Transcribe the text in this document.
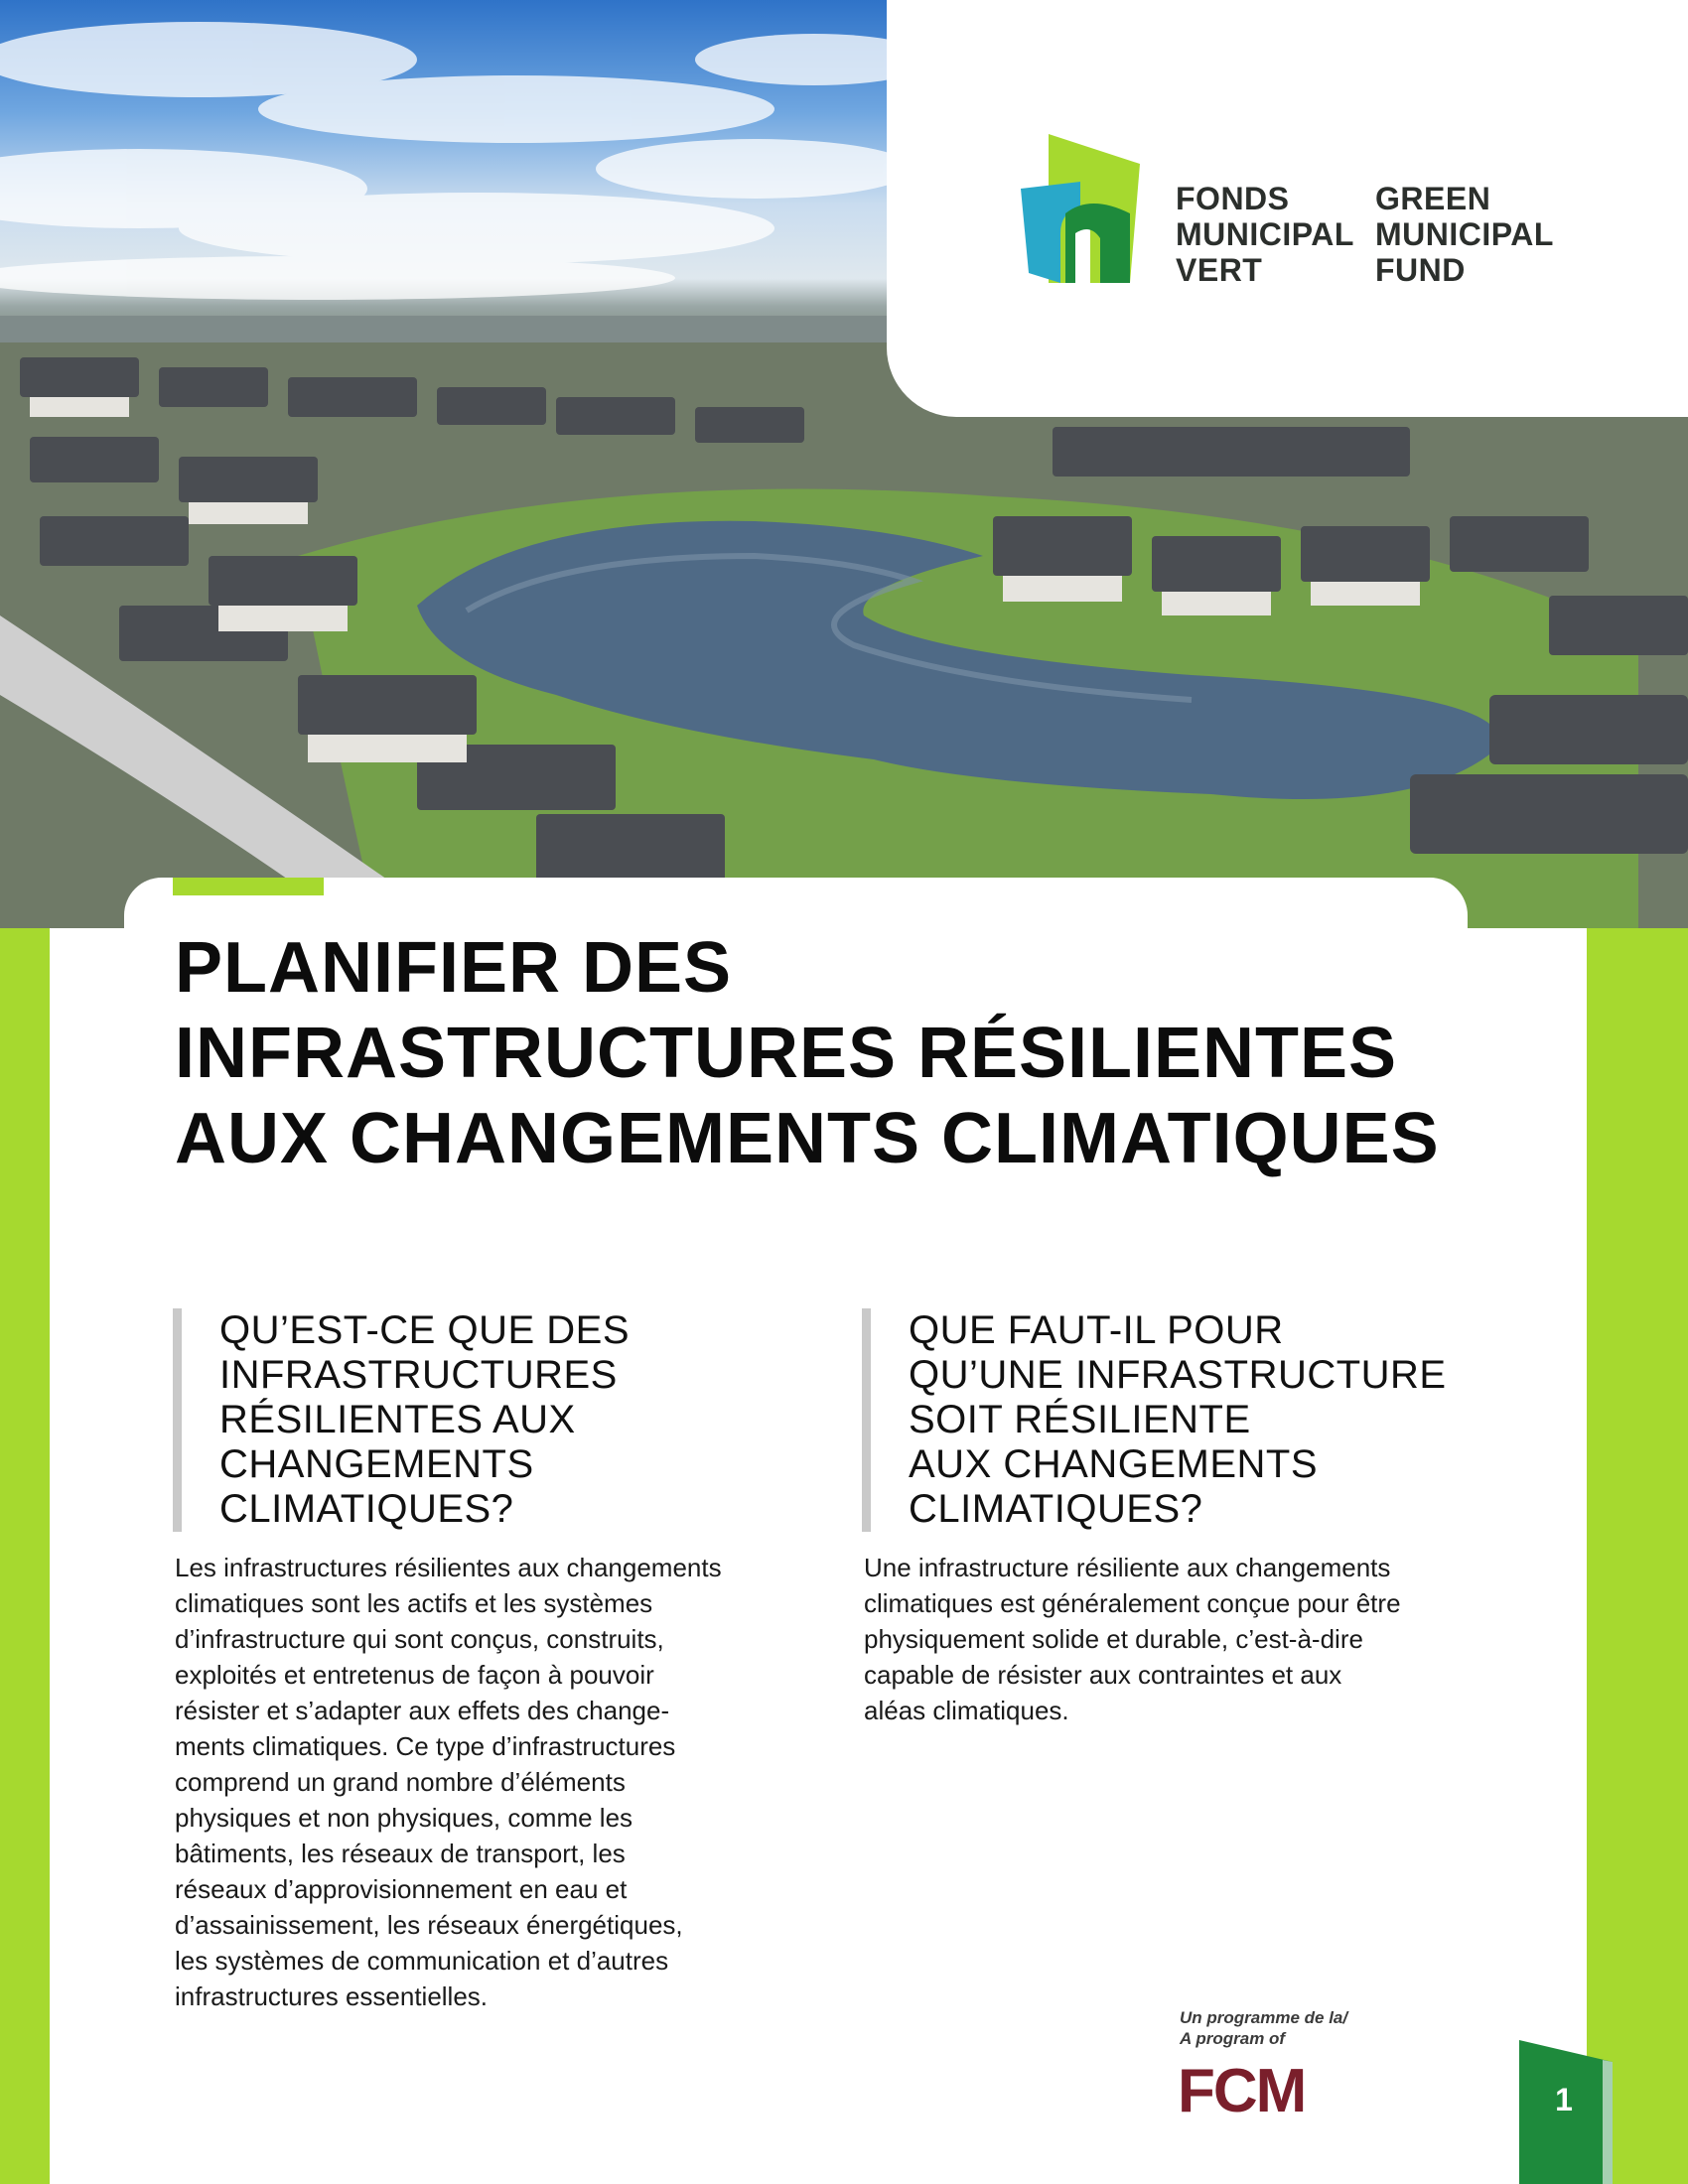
FONDS
MUNICIPAL
VERT
GREEN
MUNICIPAL
FUND
PLANIFIER DES INFRASTRUCTURES RÉSILIENTES AUX CHANGEMENTS CLIMATIQUES
QU’EST-CE QUE DES
INFRASTRUCTURES
RÉSILIENTES AUX
CHANGEMENTS
CLIMATIQUES?
QUE FAUT-IL POUR
QU’UNE INFRASTRUCTURE
SOIT RÉSILIENTE
AUX CHANGEMENTS
CLIMATIQUES?

Les infrastructures résilientes aux changements
climatiques sont les actifs et les systèmes
d’infrastructure qui sont conçus, construits,
exploités et entretenus de façon à pouvoir
résister et s’adapter aux effets des change-
ments climatiques. Ce type d’infrastructures
comprend un grand nombre d’éléments
physiques et non physiques, comme les
bâtiments, les réseaux de transport, les
réseaux d’approvisionnement en eau et
d’assainissement, les réseaux énergétiques,
les systèmes de communication et d’autres
infrastructures essentielles.

Une infrastructure résiliente aux changements
climatiques est généralement conçue pour être
physiquement solide et durable, c’est-à-dire
capable de résister aux contraintes et aux
aléas climatiques.

Un programme de la/
A program of
FCM	1
